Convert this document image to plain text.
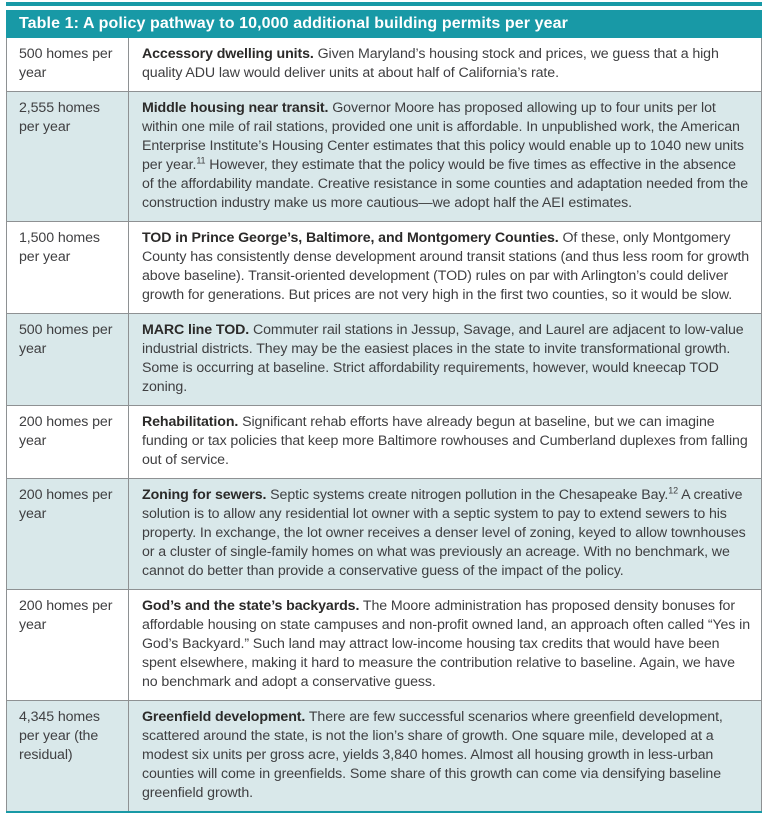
Table 1: A policy pathway to 10,000 additional building permits per year
500 homes per year
Accessory dwelling units. Given Maryland’s housing stock and prices, we guess that a high quality ADU law would deliver units at about half of California’s rate.
2,555 homes per year
Middle housing near transit. Governor Moore has proposed allowing up to four units per lot within one mile of rail stations, provided one unit is affordable. In unpublished work, the American Enterprise Institute’s Housing Center estimates that this policy would enable up to 1040 new units per year.$^{11}$ However, they estimate that the policy would be five times as effective in the absence of the affordability mandate. Creative resistance in some counties and adaptation needed from the construction industry make us more cautious—we adopt half the AEI estimates.
1,500 homes per year
TOD in Prince George’s, Baltimore, and Montgomery Counties. Of these, only Montgomery County has consistently dense development around transit stations (and thus less room for growth above baseline). Transit-oriented development (TOD) rules on par with Arlington’s could deliver growth for generations. But prices are not very high in the first two counties, so it would be slow.
500 homes per year
MARC line TOD. Commuter rail stations in Jessup, Savage, and Laurel are adjacent to low-value industrial districts. They may be the easiest places in the state to invite transformational growth. Some is occurring at baseline. Strict affordability requirements, however, would kneecap TOD zoning.
200 homes per year
Rehabilitation. Significant rehab efforts have already begun at baseline, but we can imagine funding or tax policies that keep more Baltimore rowhouses and Cumberland duplexes from falling out of service.
200 homes per year
Zoning for sewers. Septic systems create nitrogen pollution in the Chesapeake Bay.$^{12}$ A creative solution is to allow any residential lot owner with a septic system to pay to extend sewers to his property. In exchange, the lot owner receives a denser level of zoning, keyed to allow townhouses or a cluster of single-family homes on what was previously an acreage. With no benchmark, we cannot do better than provide a conservative guess of the impact of the policy.
200 homes per year
God’s and the state’s backyards. The Moore administration has proposed density bonuses for affordable housing on state campuses and non-profit owned land, an approach often called “Yes in God’s Backyard.” Such land may attract low-income housing tax credits that would have been spent elsewhere, making it hard to measure the contribution relative to baseline. Again, we have no benchmark and adopt a conservative guess.
4,345 homes per year (the residual)
Greenfield development. There are few successful scenarios where greenfield development, scattered around the state, is not the lion’s share of growth. One square mile, developed at a modest six units per gross acre, yields 3,840 homes. Almost all housing growth in less-urban counties will come in greenfields. Some share of this growth can come via densifying baseline greenfield growth.
